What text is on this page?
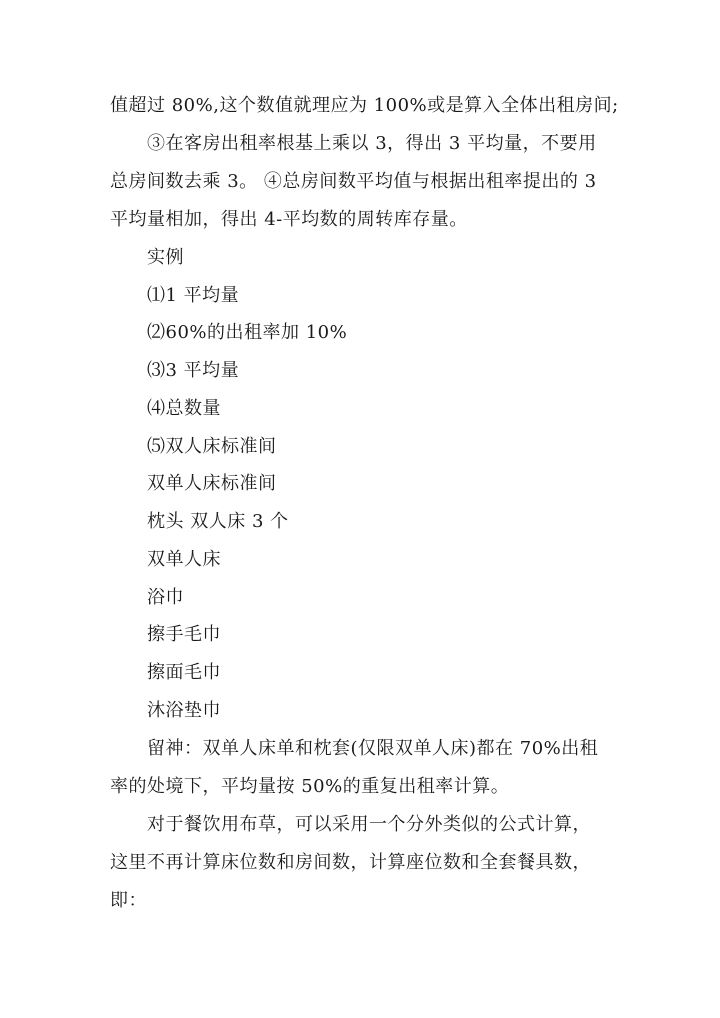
值超过 80%,这个数值就理应为 100%或是算入全体出租房间;
③在客房出租率根基上乘以 3，得出 3 平均量，不要用
总房间数去乘 3。 ④总房间数平均值与根据出租率提出的 3
平均量相加，得出 4-平均数的周转库存量。
实例
⑴1 平均量
⑵60%的出租率加 10%
⑶3 平均量
⑷总数量
⑸双人床标准间
双单人床标准间
枕头 双人床 3 个
双单人床
浴巾
擦手毛巾
擦面毛巾
沐浴垫巾
留神：双单人床单和枕套(仅限双单人床)都在 70%出租
率的处境下，平均量按 50%的重复出租率计算。
对于餐饮用布草，可以采用一个分外类似的公式计算，
这里不再计算床位数和房间数，计算座位数和全套餐具数，
即：
